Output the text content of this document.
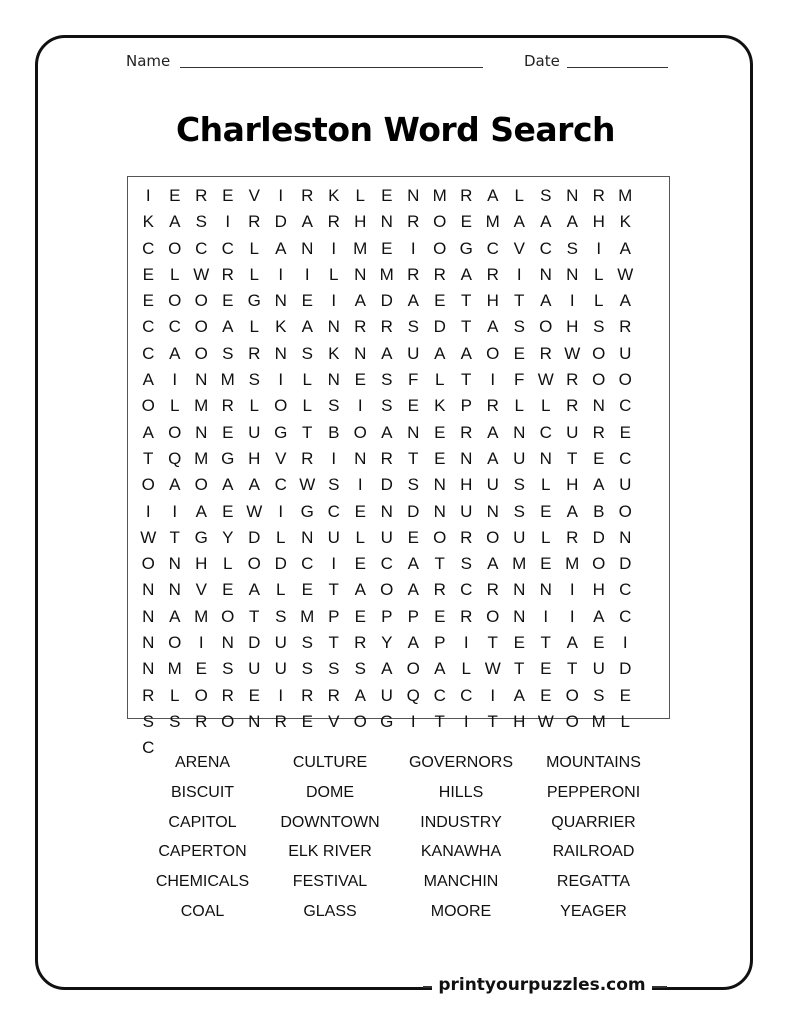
Name	Date
Charleston Word Search
I	E R E V	I	R K L E N M R A L S N R M
K A S	I	R D A R H N R O E M A A A H K
C O C C L A N	I	M E	I	O G C V C S	I	A
E L W R L	I	I	L N M R R A R	I	N N L W
E O O E G N E	I	A D A E T H T A	I	L A
C C O A L K A N R R S D T A S O H S R
C A O S R N S K N A U A A O E R W O U
A	I	N M S	I	L N E S F L T	I	F W R O O
O L M R L O L S	I	S E K P R L	L R N C
A O N E U G T B O A N E R A N C U R E
T Q M G H V R	I	N R T E N A U N T E C
O A O A A C W S	I	D S N H U S L H A U
I	I	A E W I	G C E N D N U N S E A B O
W T G Y D L N U L U E O R O U L R D N
O N H L O D C	I	E C A T S A M E M O D
N N V E A L E T A O A R C R N N	I	H C
N A M O T S M P E P P E R O N	I	I	A C
N O	I	N D U S T R Y A P	I	T E T A E	I
N M E S U U S S S A O A L W T E T U D
R L O R E	I	R R A U Q C C	I	A E O S E
S S R O N R E V O G	I	T	I	T H W O M L
C
ARENA	CULTURE	GOVERNORS	MOUNTAINS
BISCUIT	DOME	HILLS	PEPPERONI
CAPITOL	DOWNTOWN	INDUSTRY	QUARRIER
CAPERTON	ELK RIVER	KANAWHA	RAILROAD
CHEMICALS	FESTIVAL	MANCHIN	REGATTA
COAL	GLASS	MOORE	YEAGER
printyourpuzzles.com
